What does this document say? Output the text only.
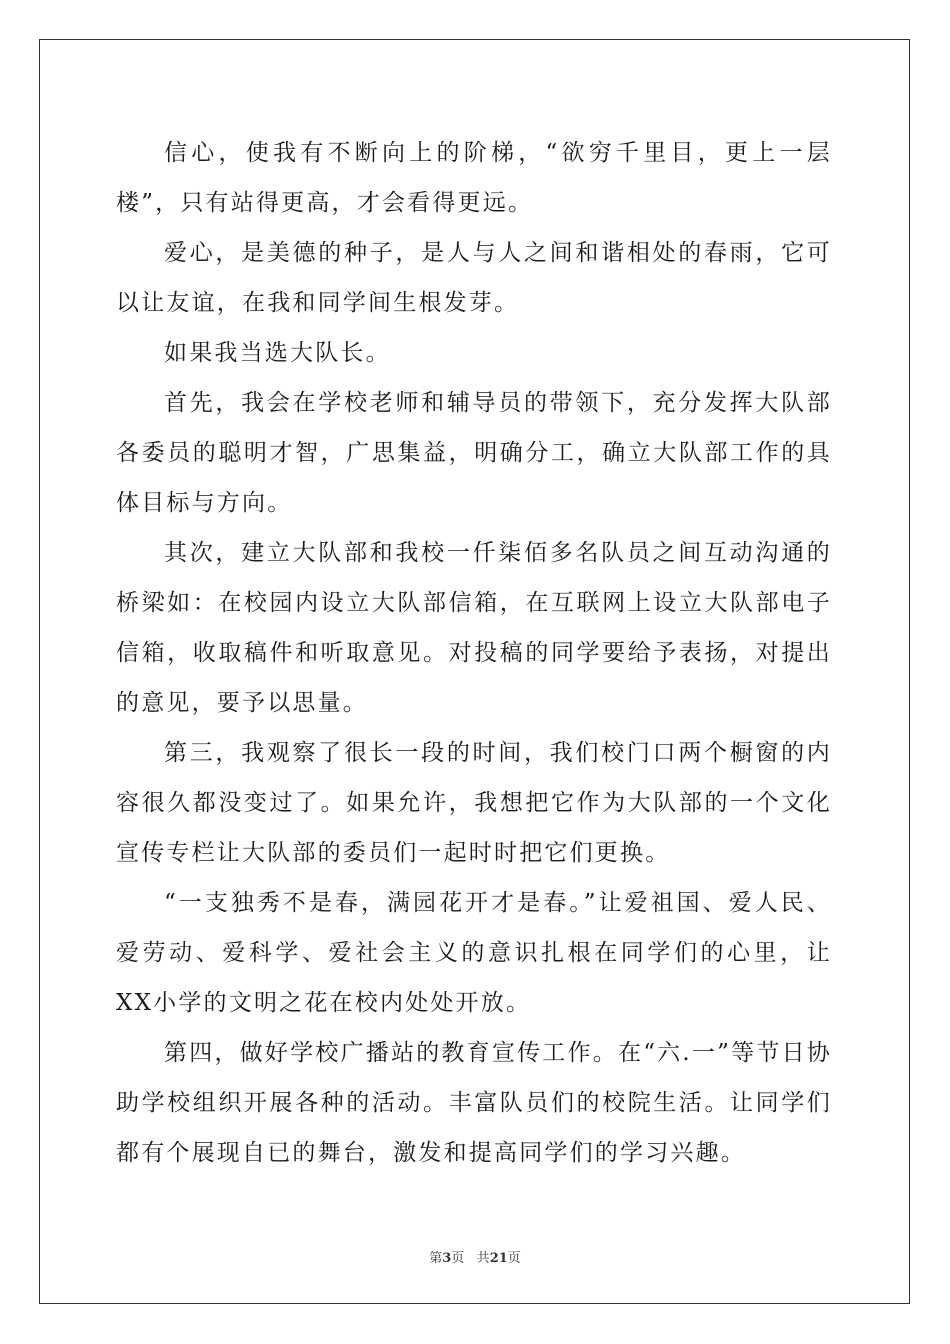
信心，使我有不断向上的阶梯，“欲穷千里目，更上一层楼”，只有站得更高，才会看得更远。

爱心，是美德的种子，是人与人之间和谐相处的春雨，它可以让友谊，在我和同学间生根发芽。

如果我当选大队长。

首先，我会在学校老师和辅导员的带领下，充分发挥大队部各委员的聪明才智，广思集益，明确分工，确立大队部工作的具体目标与方向。

其次，建立大队部和我校一仟柒佰多名队员之间互动沟通的桥梁如：在校园内设立大队部信箱，在互联网上设立大队部电子信箱，收取稿件和听取意见。对投稿的同学要给予表扬，对提出的意见，要予以思量。

第三，我观察了很长一段的时间，我们校门口两个橱窗的内容很久都没变过了。如果允许，我想把它作为大队部的一个文化宣传专栏让大队部的委员们一起时时把它们更换。

“一支独秀不是春，满园花开才是春。”让爱祖国、爱人民、爱劳动、爱科学、爱社会主义的意识扎根在同学们的心里，让XX小学的文明之花在校内处处开放。

第四，做好学校广播站的教育宣传工作。在“六.一”等节日协助学校组织开展各种的活动。丰富队员们的校院生活。让同学们都有个展现自已的舞台，激发和提高同学们的学习兴趣。

第3页 共21页
